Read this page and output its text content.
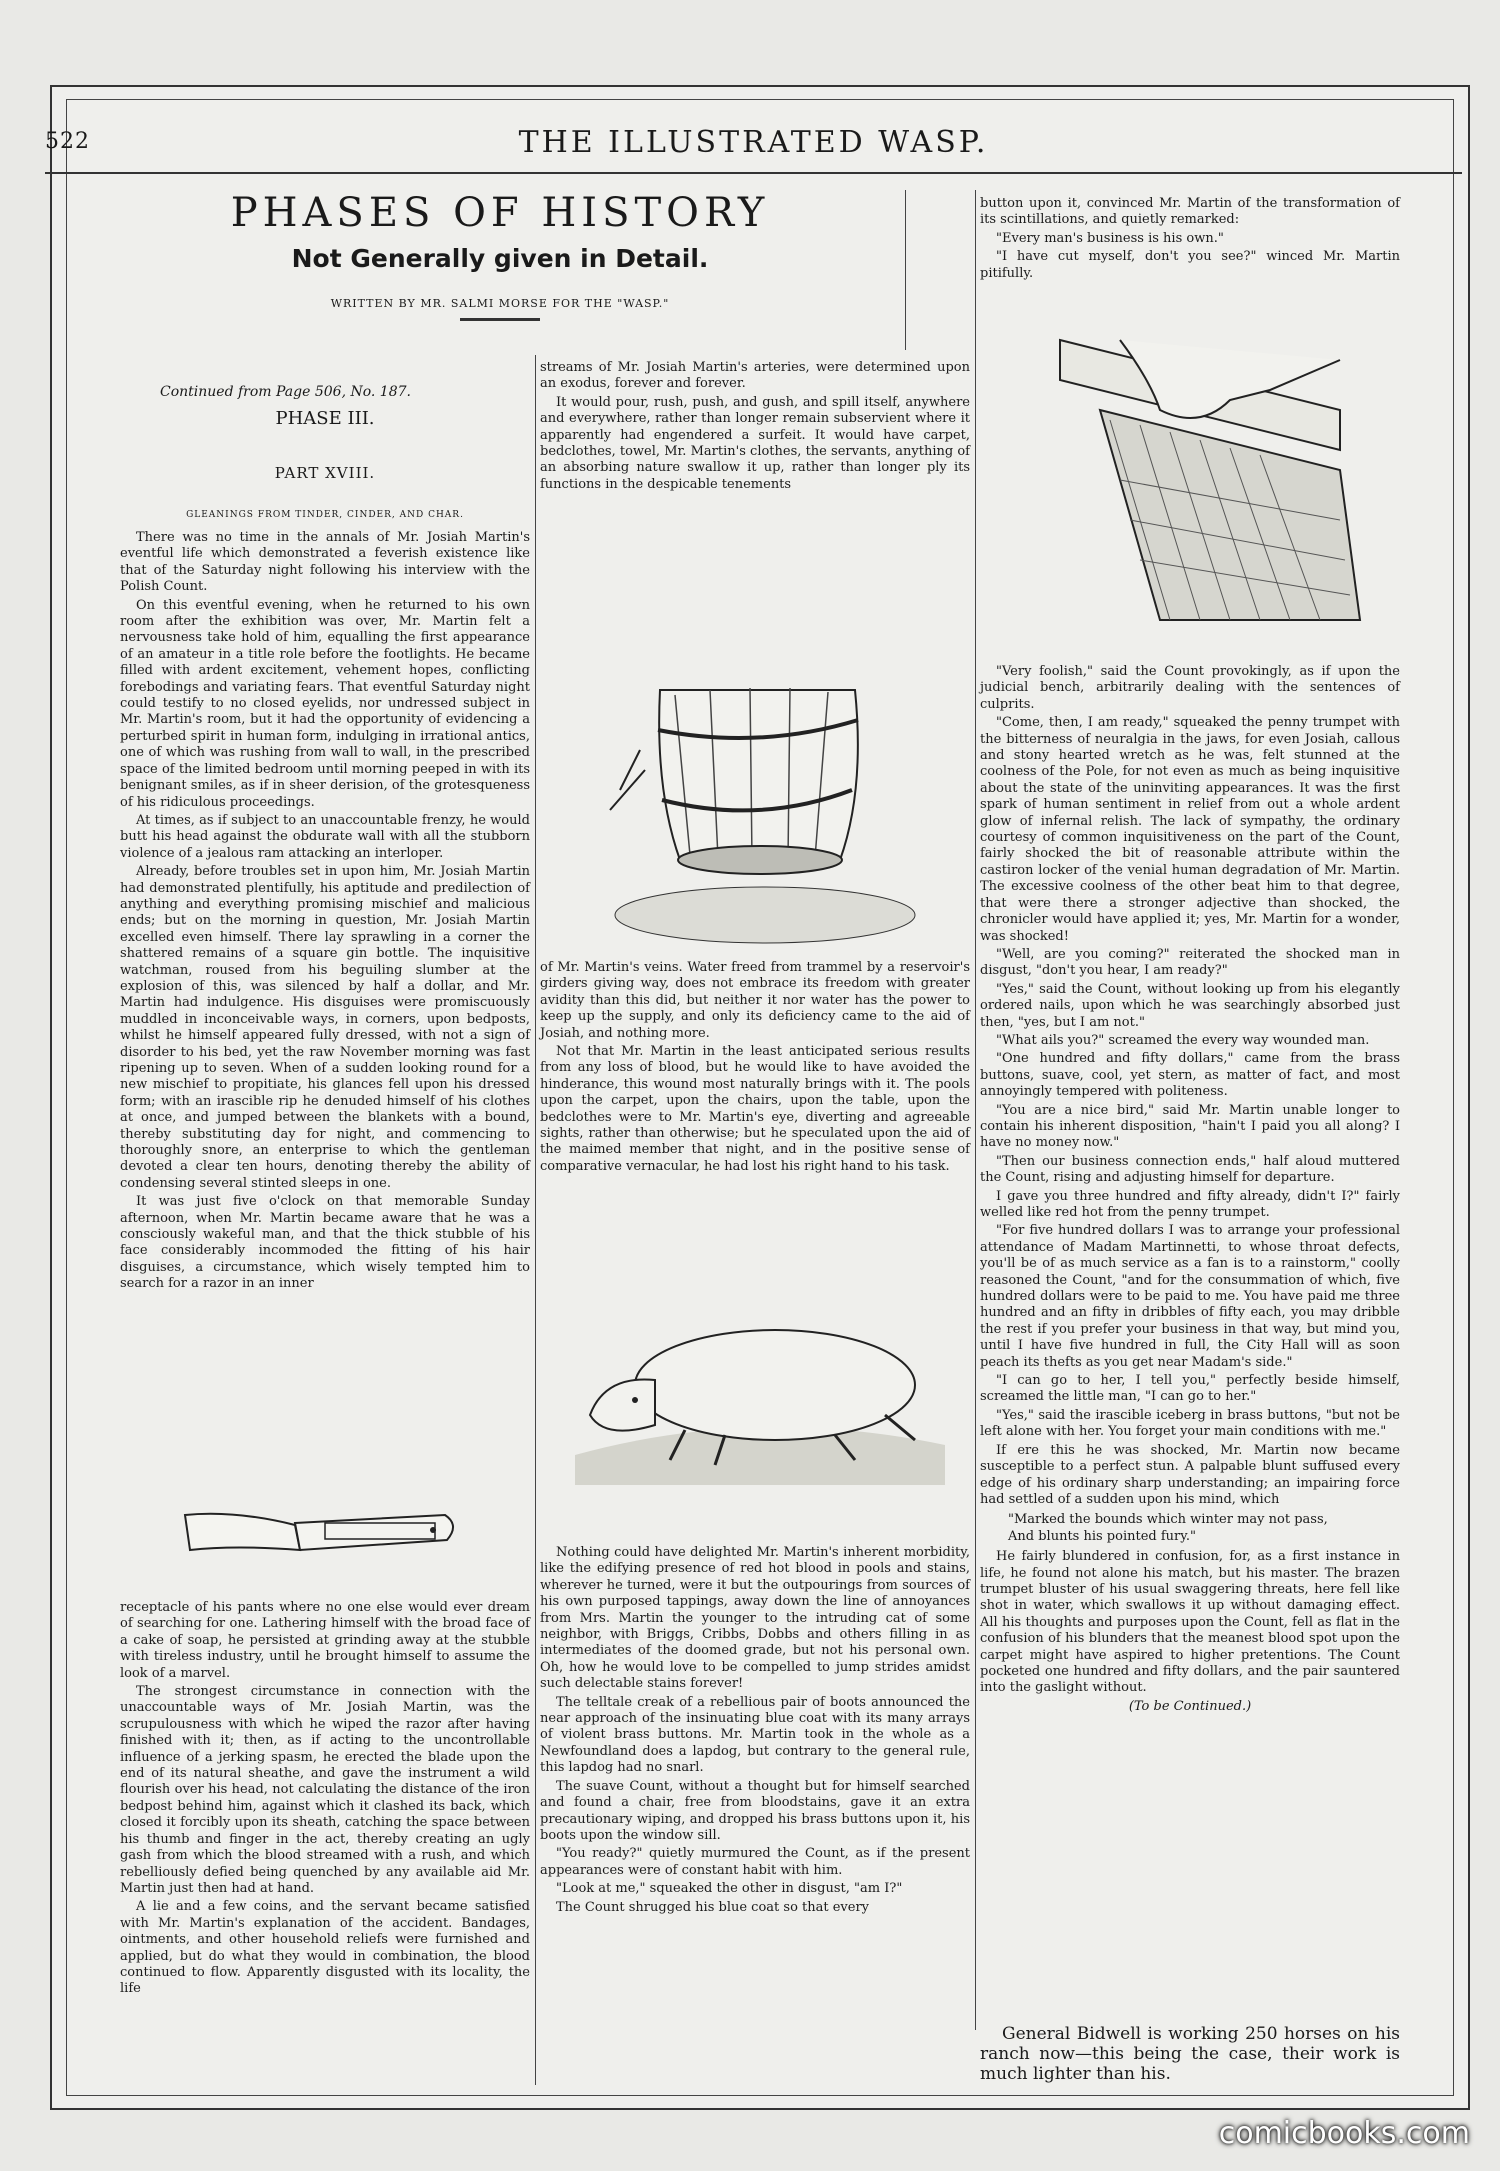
522	THE ILLUSTRATED WASP.
PHASES OF HISTORY
Not Generally given in Detail.
WRITTEN BY MR. SALMI MORSE FOR THE "WASP."
Continued from Page 506, No. 187.
PHASE III.
PART XVIII.
GLEANINGS FROM TINDER, CINDER, AND CHAR.

There was no time in the annals of Mr. Josiah Martin's eventful life which demonstrated a feverish existence like that of the Saturday night following his interview with the Polish Count.

On this eventful evening, when he returned to his own room after the exhibition was over, Mr. Martin felt a nervousness take hold of him, equalling the first appearance of an amateur in a title role before the footlights. He became filled with ardent excitement, vehement hopes, conflicting forebodings and variating fears. That eventful Saturday night could testify to no closed eyelids, nor undressed subject in Mr. Martin's room, but it had the opportunity of evidencing a perturbed spirit in human form, indulging in irrational antics, one of which was rushing from wall to wall, in the prescribed space of the limited bedroom until morning peeped in with its benignant smiles, as if in sheer derision, of the grotesqueness of his ridiculous proceedings.

At times, as if subject to an unaccountable frenzy, he would butt his head against the obdurate wall with all the stubborn violence of a jealous ram attacking an interloper.

Already, before troubles set in upon him, Mr. Josiah Martin had demonstrated plentifully, his aptitude and predilection of anything and everything promising mischief and malicious ends; but on the morning in question, Mr. Josiah Martin excelled even himself. There lay sprawling in a corner the shattered remains of a square gin bottle. The inquisitive watchman, roused from his beguiling slumber at the explosion of this, was silenced by half a dollar, and Mr. Martin had indulgence. His disguises were promiscuously muddled in inconceivable ways, in corners, upon bedposts, whilst he himself appeared fully dressed, with not a sign of disorder to his bed, yet the raw November morning was fast ripening up to seven. When of a sudden looking round for a new mischief to propitiate, his glances fell upon his dressed form; with an irascible rip he denuded himself of his clothes at once, and jumped between the blankets with a bound, thereby substituting day for night, and commencing to thoroughly snore, an enterprise to which the gentleman devoted a clear ten hours, denoting thereby the ability of condensing several stinted sleeps in one.

It was just five o'clock on that memorable Sunday afternoon, when Mr. Martin became aware that he was a consciously wakeful man, and that the thick stubble of his face considerably incommoded the fitting of his hair disguises, a circumstance, which wisely tempted him to search for a razor in an inner

receptacle of his pants where no one else would ever dream of searching for one. Lathering himself with the broad face of a cake of soap, he persisted at grinding away at the stubble with tireless industry, until he brought himself to assume the look of a marvel.

The strongest circumstance in connection with the unaccountable ways of Mr. Josiah Martin, was the scrupulousness with which he wiped the razor after having finished with it; then, as if acting to the uncontrollable influence of a jerking spasm, he erected the blade upon the end of its natural sheathe, and gave the instrument a wild flourish over his head, not calculating the distance of the iron bedpost behind him, against which it clashed its back, which closed it forcibly upon its sheath, catching the space between his thumb and finger in the act, thereby creating an ugly gash from which the blood streamed with a rush, and which rebelliously defied being quenched by any available aid Mr. Martin just then had at hand.

A lie and a few coins, and the servant became satisfied with Mr. Martin's explanation of the accident. Bandages, ointments, and other household reliefs were furnished and applied, but do what they would in combination, the blood continued to flow. Apparently disgusted with its locality, the life

streams of Mr. Josiah Martin's arteries, were determined upon an exodus, forever and forever.

It would pour, rush, push, and gush, and spill itself, anywhere and everywhere, rather than longer remain subservient where it apparently had engendered a surfeit. It would have carpet, bedclothes, towel, Mr. Martin's clothes, the servants, anything of an absorbing nature swallow it up, rather than longer ply its functions in the despicable tenements

of Mr. Martin's veins. Water freed from trammel by a reservoir's girders giving way, does not embrace its freedom with greater avidity than this did, but neither it nor water has the power to keep up the supply, and only its deficiency came to the aid of Josiah, and nothing more.

Not that Mr. Martin in the least anticipated serious results from any loss of blood, but he would like to have avoided the hinderance, this wound most naturally brings with it. The pools upon the carpet, upon the chairs, upon the table, upon the bedclothes were to Mr. Martin's eye, diverting and agreeable sights, rather than otherwise; but he speculated upon the aid of the maimed member that night, and in the positive sense of comparative vernacular, he had lost his right hand to his task.

Nothing could have delighted Mr. Martin's inherent morbidity, like the edifying presence of red hot blood in pools and stains, wherever he turned, were it but the outpourings from sources of his own purposed tappings, away down the line of annoyances from Mrs. Martin the younger to the intruding cat of some neighbor, with Briggs, Cribbs, Dobbs and others filling in as intermediates of the doomed grade, but not his personal own. Oh, how he would love to be compelled to jump strides amidst such delectable stains forever!

The telltale creak of a rebellious pair of boots announced the near approach of the insinuating blue coat with its many arrays of violent brass buttons. Mr. Martin took in the whole as a Newfoundland does a lapdog, but contrary to the general rule, this lapdog had no snarl.

The suave Count, without a thought but for himself searched and found a chair, free from bloodstains, gave it an extra precautionary wiping, and dropped his brass buttons upon it, his boots upon the window sill.

"You ready?" quietly murmured the Count, as if the present appearances were of constant habit with him.

"Look at me," squeaked the other in disgust, "am I?"

The Count shrugged his blue coat so that every

button upon it, convinced Mr. Martin of the transformation of its scintillations, and quietly remarked:

"Every man's business is his own."

"I have cut myself, don't you see?" winced Mr. Martin pitifully.

"Very foolish," said the Count provokingly, as if upon the judicial bench, arbitrarily dealing with the sentences of culprits.

"Come, then, I am ready," squeaked the penny trumpet with the bitterness of neuralgia in the jaws, for even Josiah, callous and stony hearted wretch as he was, felt stunned at the coolness of the Pole, for not even as much as being inquisitive about the state of the uninviting appearances. It was the first spark of human sentiment in relief from out a whole ardent glow of infernal relish. The lack of sympathy, the ordinary courtesy of common inquisitiveness on the part of the Count, fairly shocked the bit of reasonable attribute within the castiron locker of the venial human degradation of Mr. Martin. The excessive coolness of the other beat him to that degree, that were there a stronger adjective than shocked, the chronicler would have applied it; yes, Mr. Martin for a wonder, was shocked!

"Well, are you coming?" reiterated the shocked man in disgust, "don't you hear, I am ready?"

"Yes," said the Count, without looking up from his elegantly ordered nails, upon which he was searchingly absorbed just then, "yes, but I am not."

"What ails you?" screamed the every way wounded man.

"One hundred and fifty dollars," came from the brass buttons, suave, cool, yet stern, as matter of fact, and most annoyingly tempered with politeness.

"You are a nice bird," said Mr. Martin unable longer to contain his inherent disposition, "hain't I paid you all along? I have no money now."

"Then our business connection ends," half aloud muttered the Count, rising and adjusting himself for departure.

I gave you three hundred and fifty already, didn't I?" fairly welled like red hot from the penny trumpet.

"For five hundred dollars I was to arrange your professional attendance of Madam Martinnetti, to whose throat defects, you'll be of as much service as a fan is to a rainstorm," coolly reasoned the Count, "and for the consummation of which, five hundred dollars were to be paid to me. You have paid me three hundred and an fifty in dribbles of fifty each, you may dribble the rest if you prefer your business in that way, but mind you, until I have five hundred in full, the City Hall will as soon peach its thefts as you get near Madam's side."

"I can go to her, I tell you," perfectly beside himself, screamed the little man, "I can go to her."

"Yes," said the irascible iceberg in brass buttons, "but not be left alone with her. You forget your main conditions with me."

If ere this he was shocked, Mr. Martin now became susceptible to a perfect stun. A palpable blunt suffused every edge of his ordinary sharp understanding; an impairing force had settled of a sudden upon his mind, which

"Marked the bounds which winter may not pass,
And blunts his pointed fury."

He fairly blundered in confusion, for, as a first instance in life, he found not alone his match, but his master. The brazen trumpet bluster of his usual swaggering threats, here fell like shot in water, which swallows it up without damaging effect. All his thoughts and purposes upon the Count, fell as flat in the confusion of his blunders that the meanest blood spot upon the carpet might have aspired to higher pretentions. The Count pocketed one hundred and fifty dollars, and the pair sauntered into the gaslight without.

(To be Continued.)
General Bidwell is working 250 horses on his ranch now—this being the case, their work is much lighter than his.
comicbooks.com
